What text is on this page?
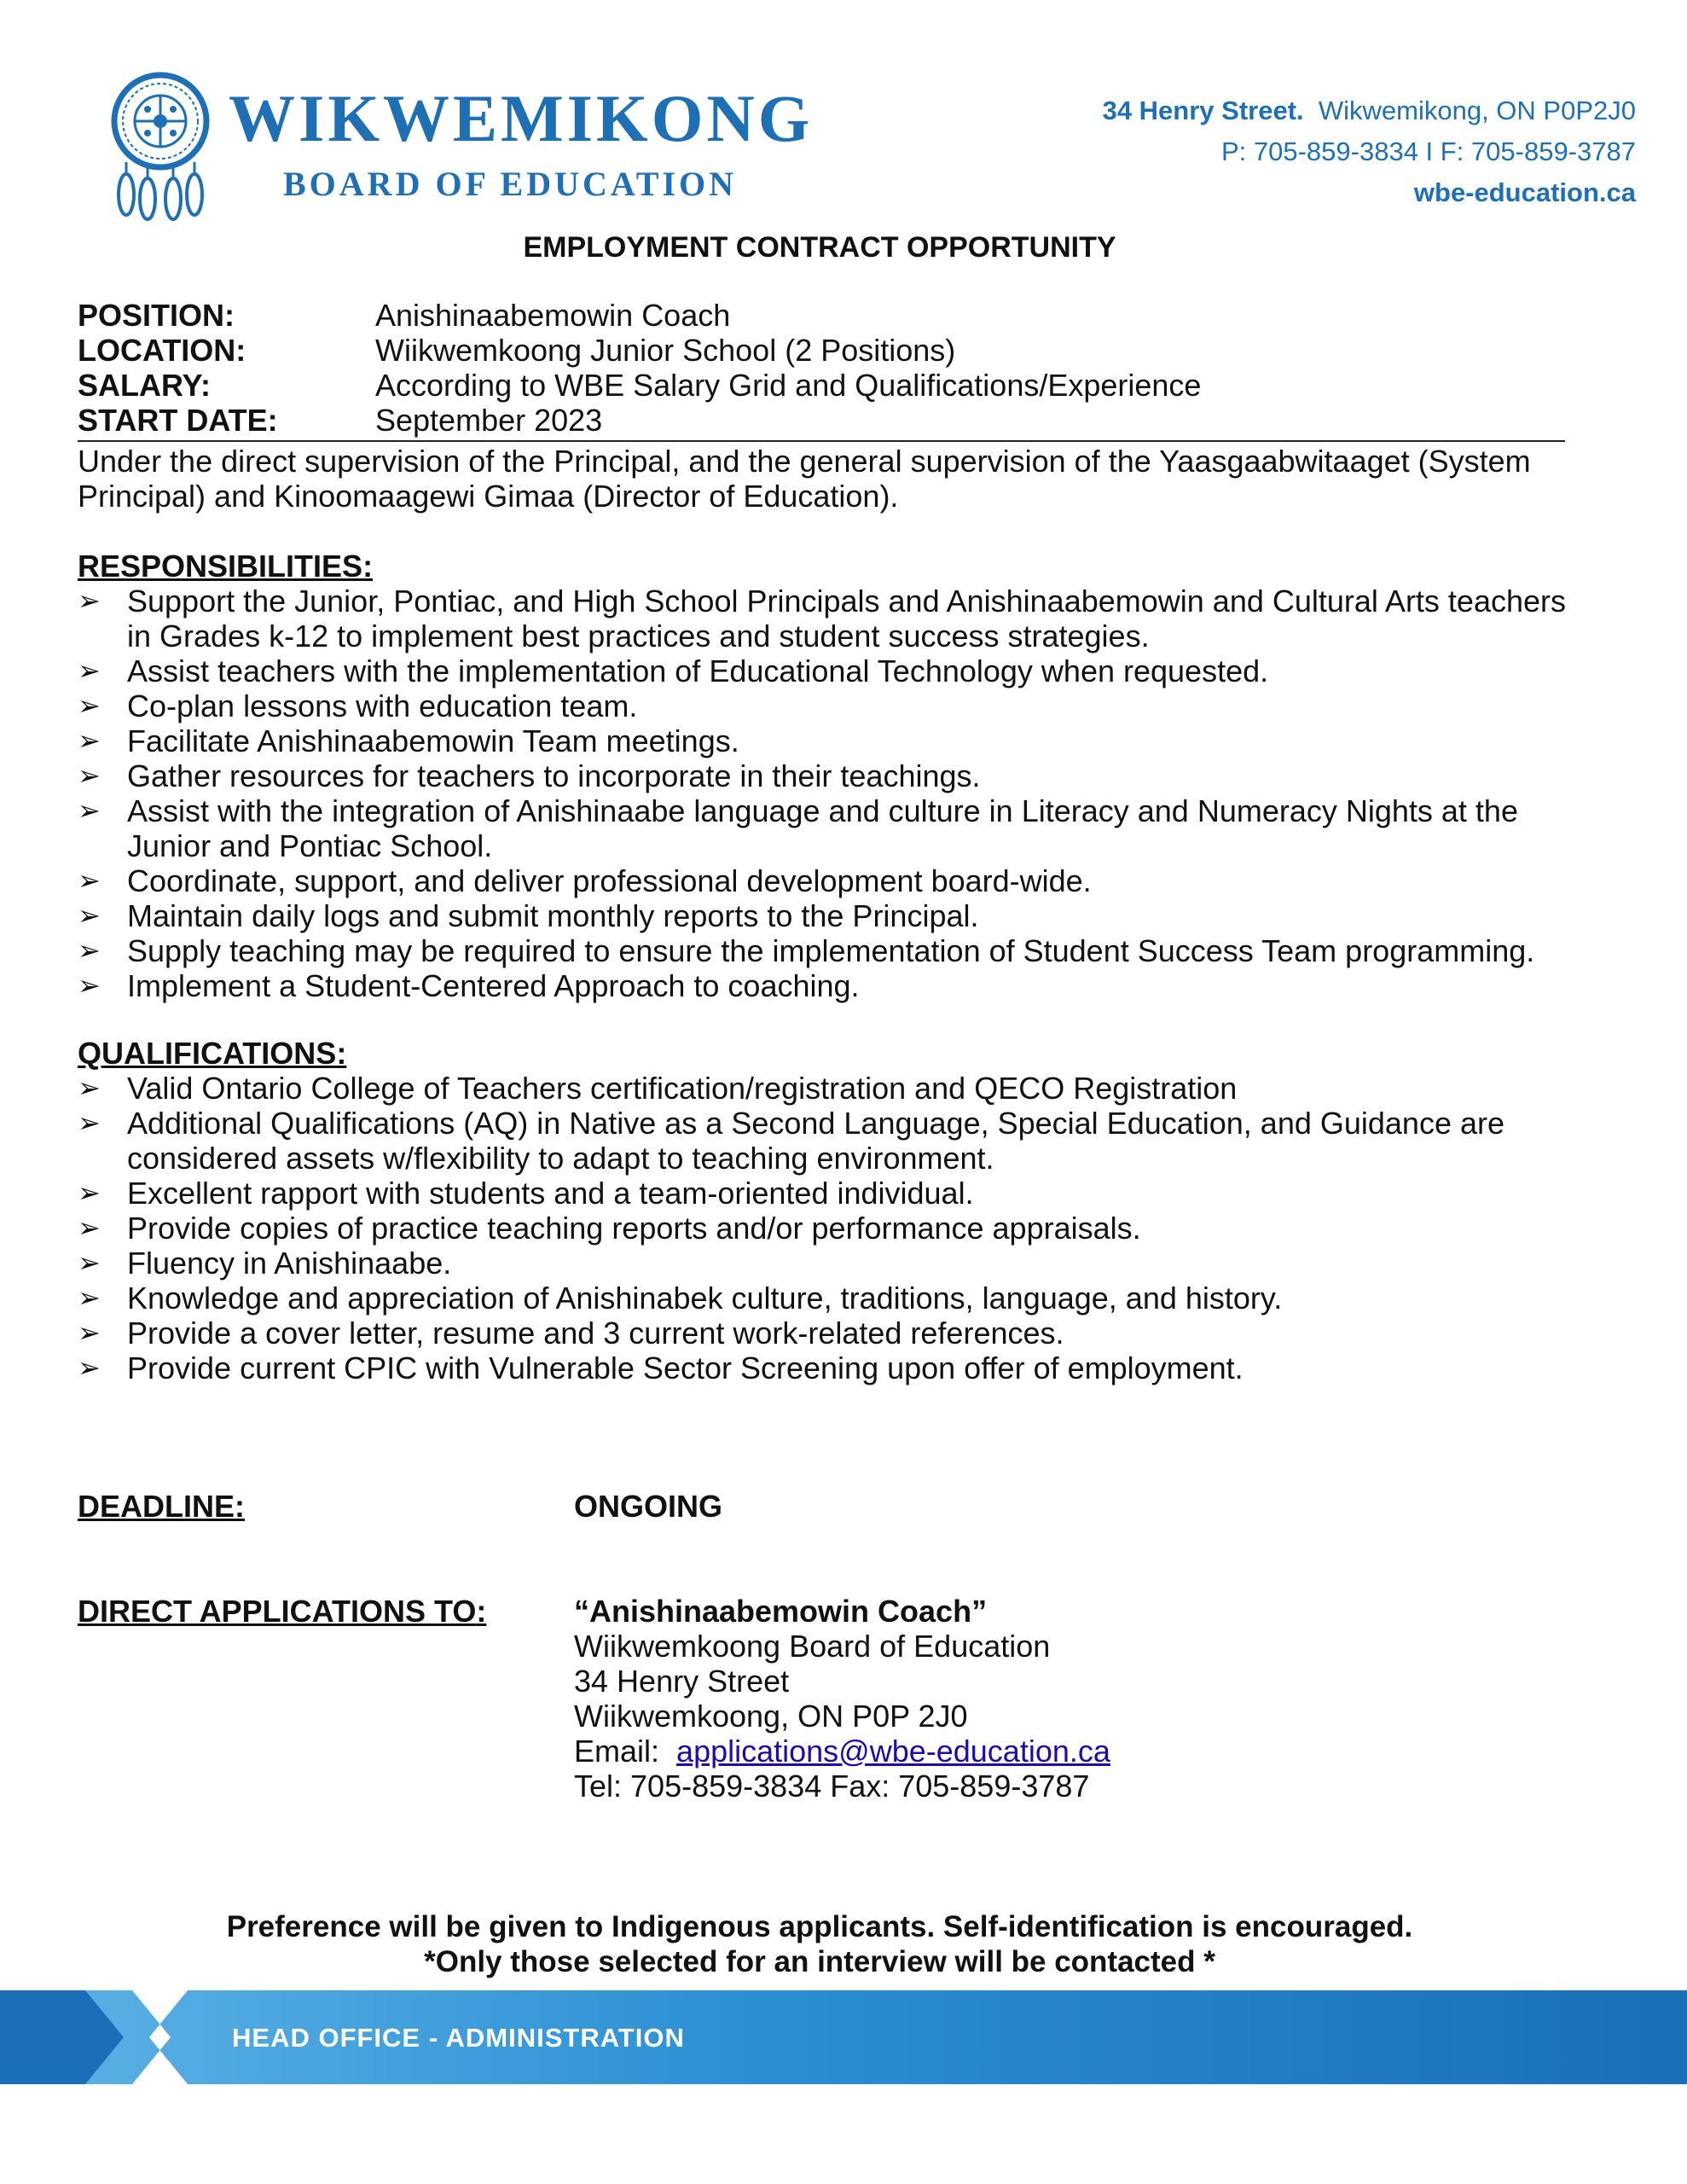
WIKWEMIKONG
BOARD OF EDUCATION
34 Henry Street. Wikwemikong, ON P0P2J0
P: 705-859-3834 I F: 705-859-3787
wbe-education.ca
EMPLOYMENT CONTRACT OPPORTUNITY
POSITION:	Anishinaabemowin Coach
LOCATION:	Wiikwemkoong Junior School (2 Positions)
SALARY:	According to WBE Salary Grid and Qualifications/Experience
START DATE:	September 2023
Under the direct supervision of the Principal, and the general supervision of the Yaasgaabwitaaget (System Principal) and Kinoomaagewi Gimaa (Director of Education).
RESPONSIBILITIES:
➢ Support the Junior, Pontiac, and High School Principals and Anishinaabemowin and Cultural Arts teachers in Grades k-12 to implement best practices and student success strategies.
➢ Assist teachers with the implementation of Educational Technology when requested.
➢ Co-plan lessons with education team.
➢ Facilitate Anishinaabemowin Team meetings.
➢ Gather resources for teachers to incorporate in their teachings.
➢ Assist with the integration of Anishinaabe language and culture in Literacy and Numeracy Nights at the Junior and Pontiac School.
➢ Coordinate, support, and deliver professional development board-wide.
➢ Maintain daily logs and submit monthly reports to the Principal.
➢ Supply teaching may be required to ensure the implementation of Student Success Team programming.
➢ Implement a Student-Centered Approach to coaching.
QUALIFICATIONS:
➢ Valid Ontario College of Teachers certification/registration and QECO Registration
➢ Additional Qualifications (AQ) in Native as a Second Language, Special Education, and Guidance are considered assets w/flexibility to adapt to teaching environment.
➢ Excellent rapport with students and a team-oriented individual.
➢ Provide copies of practice teaching reports and/or performance appraisals.
➢ Fluency in Anishinaabe.
➢ Knowledge and appreciation of Anishinabek culture, traditions, language, and history.
➢ Provide a cover letter, resume and 3 current work-related references.
➢ Provide current CPIC with Vulnerable Sector Screening upon offer of employment.
DEADLINE:	ONGOING
DIRECT APPLICATIONS TO:	“Anishinaabemowin Coach”
Wiikwemkoong Board of Education
34 Henry Street
Wiikwemkoong, ON P0P 2J0
Email: applications@wbe-education.ca
Tel: 705-859-3834 Fax: 705-859-3787
Preference will be given to Indigenous applicants. Self-identification is encouraged.
*Only those selected for an interview will be contacted *
HEAD OFFICE - ADMINISTRATION
